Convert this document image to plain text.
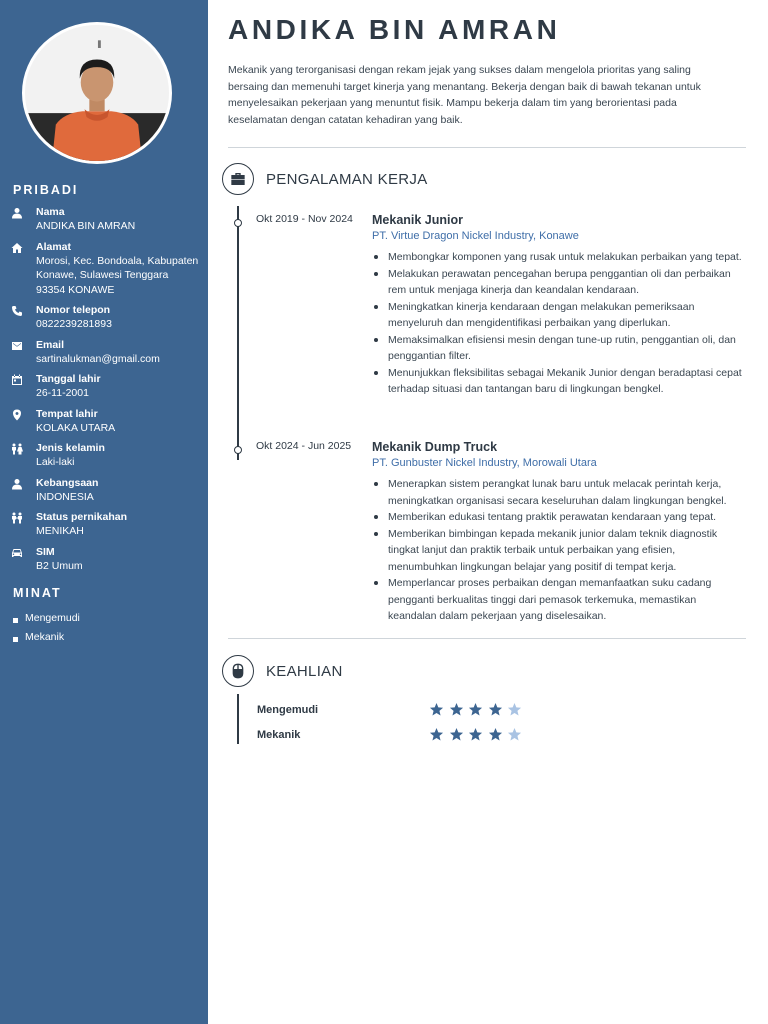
PRIBADI
Nama
ANDIKA BIN AMRAN
Alamat
Morosi, Kec. Bondoala, Kabupaten
Konawe, Sulawesi Tenggara
93354 KONAWE
Nomor telepon
0822239281893
Email
sartinalukman@gmail.com
Tanggal lahir
26-11-2001
Tempat lahir
KOLAKA UTARA
Jenis kelamin
Laki-laki
Kebangsaan
INDONESIA
Status pernikahan
MENIKAH
SIM
B2 Umum
MINAT
Mengemudi
Mekanik
ANDIKA BIN AMRAN

Mekanik yang terorganisasi dengan rekam jejak yang sukses dalam mengelola prioritas yang saling bersaing dan memenuhi target kinerja yang menantang. Bekerja dengan baik di bawah tekanan untuk menyelesaikan pekerjaan yang menuntut fisik. Mampu bekerja dalam tim yang berorientasi pada keselamatan dengan catatan kehadiran yang baik.

PENGALAMAN KERJA
Okt 2019 - Nov 2024 Mekanik Junior
PT. Virtue Dragon Nickel Industry, Konawe
Membongkar komponen yang rusak untuk melakukan perbaikan yang tepat.
Melakukan perawatan pencegahan berupa penggantian oli dan perbaikan rem untuk menjaga kinerja dan keandalan kendaraan.
Meningkatkan kinerja kendaraan dengan melakukan pemeriksaan menyeluruh dan mengidentifikasi perbaikan yang diperlukan.
Memaksimalkan efisiensi mesin dengan tune-up rutin, penggantian oli, dan penggantian filter.
Menunjukkan fleksibilitas sebagai Mekanik Junior dengan beradaptasi cepat terhadap situasi dan tantangan baru di lingkungan bengkel.
Okt 2024 - Jun 2025 Mekanik Dump Truck
PT. Gunbuster Nickel Industry, Morowali Utara
Menerapkan sistem perangkat lunak baru untuk melacak perintah kerja, meningkatkan organisasi secara keseluruhan dalam lingkungan bengkel.
Memberikan edukasi tentang praktik perawatan kendaraan yang tepat.
Memberikan bimbingan kepada mekanik junior dalam teknik diagnostik tingkat lanjut dan praktik terbaik untuk perbaikan yang efisien, menumbuhkan lingkungan belajar yang positif di tempat kerja.
Memperlancar proses perbaikan dengan memanfaatkan suku cadang pengganti berkualitas tinggi dari pemasok terkemuka, memastikan keandalan dalam pekerjaan yang diselesaikan.
KEAHLIAN
Mengemudi
Mekanik
